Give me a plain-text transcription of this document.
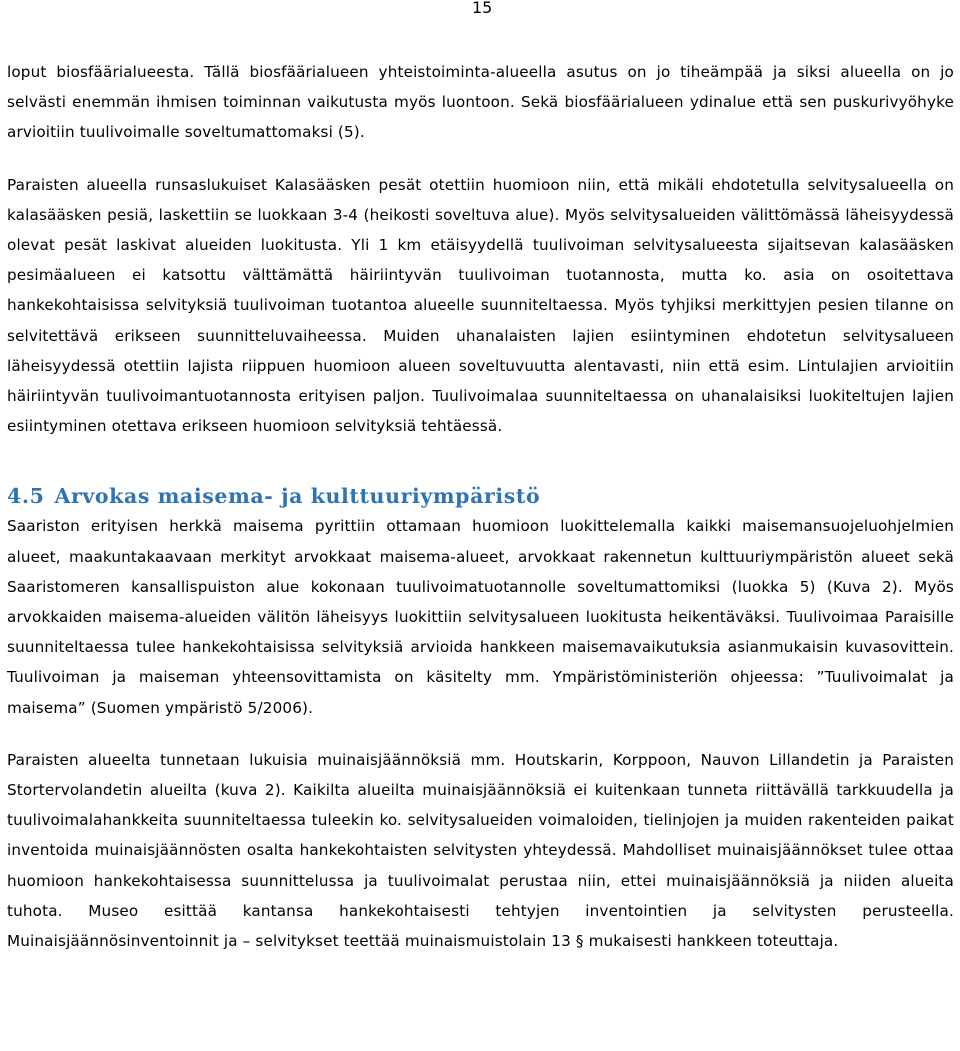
15

loput biosfäärialueesta. Tällä biosfäärialueen yhteistoiminta-alueella asutus on jo tiheämpää ja siksi alueella on jo selvästi enemmän ihmisen toiminnan vaikutusta myös luontoon. Sekä biosfäärialueen ydinalue että sen puskurivyöhyke arvioitiin tuulivoimalle soveltumattomaksi (5).

Paraisten alueella runsaslukuiset Kalasääsken pesät otettiin huomioon niin, että mikäli ehdotetulla selvitysalueella on kalasääsken pesiä, laskettiin se luokkaan 3-4 (heikosti soveltuva alue). Myös selvitysalueiden välittömässä läheisyydessä olevat pesät laskivat alueiden luokitusta. Yli 1 km etäisyydellä tuulivoiman selvitysalueesta sijaitsevan kalasääsken pesimäalueen ei katsottu välttämättä häiriintyvän tuulivoiman tuotannosta, mutta ko. asia on osoitettava hankekohtaisissa selvityksiä tuulivoiman tuotantoa alueelle suunniteltaessa. Myös tyhjiksi merkittyjen pesien tilanne on selvitettävä erikseen suunnitteluvaiheessa. Muiden uhanalaisten lajien esiintyminen ehdotetun selvitysalueen läheisyydessä otettiin lajista riippuen huomioon alueen soveltuvuutta alentavasti, niin että esim. Lintulajien arvioitiin häiriintyvän tuulivoimantuotannosta erityisen paljon. Tuulivoimalaa suunniteltaessa on uhanalaisiksi luokiteltujen lajien esiintyminen otettava erikseen huomioon selvityksiä tehtäessä.

4.5 Arvokas maisema- ja kulttuuriympäristö

Saariston erityisen herkkä maisema pyrittiin ottamaan huomioon luokittelemalla kaikki maisemansuojeluohjelmien alueet, maakuntakaavaan merkityt arvokkaat maisema-alueet, arvokkaat rakennetun kulttuuriympäristön alueet sekä Saaristomeren kansallispuiston alue kokonaan tuulivoimatuotannolle soveltumattomiksi (luokka 5) (Kuva 2). Myös arvokkaiden maisema-alueiden välitön läheisyys luokittiin selvitysalueen luokitusta heikentäväksi. Tuulivoimaa Paraisille suunniteltaessa tulee hankekohtaisissa selvityksiä arvioida hankkeen maisemavaikutuksia asianmukaisin kuvasovittein. Tuulivoiman ja maiseman yhteensovittamista on käsitelty mm. Ympäristöministeriön ohjeessa: ”Tuulivoimalat ja maisema” (Suomen ympäristö 5/2006).

Paraisten alueelta tunnetaan lukuisia muinaisjäännöksiä mm. Houtskarin, Korppoon, Nauvon Lillandetin ja Paraisten Stortervolandetin alueilta (kuva 2). Kaikilta alueilta muinaisjäännöksiä ei kuitenkaan tunneta riittävällä tarkkuudella ja tuulivoimalahankkeita suunniteltaessa tuleekin ko. selvitysalueiden voimaloiden, tielinjojen ja muiden rakenteiden paikat inventoida muinaisjäännösten osalta hankekohtaisten selvitysten yhteydessä. Mahdolliset muinaisjäännökset tulee ottaa huomioon hankekohtaisessa suunnittelussa ja tuulivoimalat perustaa niin, ettei muinaisjäännöksiä ja niiden alueita tuhota. Museo esittää kantansa hankekohtaisesti tehtyjen inventointien ja selvitysten perusteella. Muinaisjäännösinventoinnit ja – selvitykset teettää muinaismuistolain 13 § mukaisesti hankkeen toteuttaja.
